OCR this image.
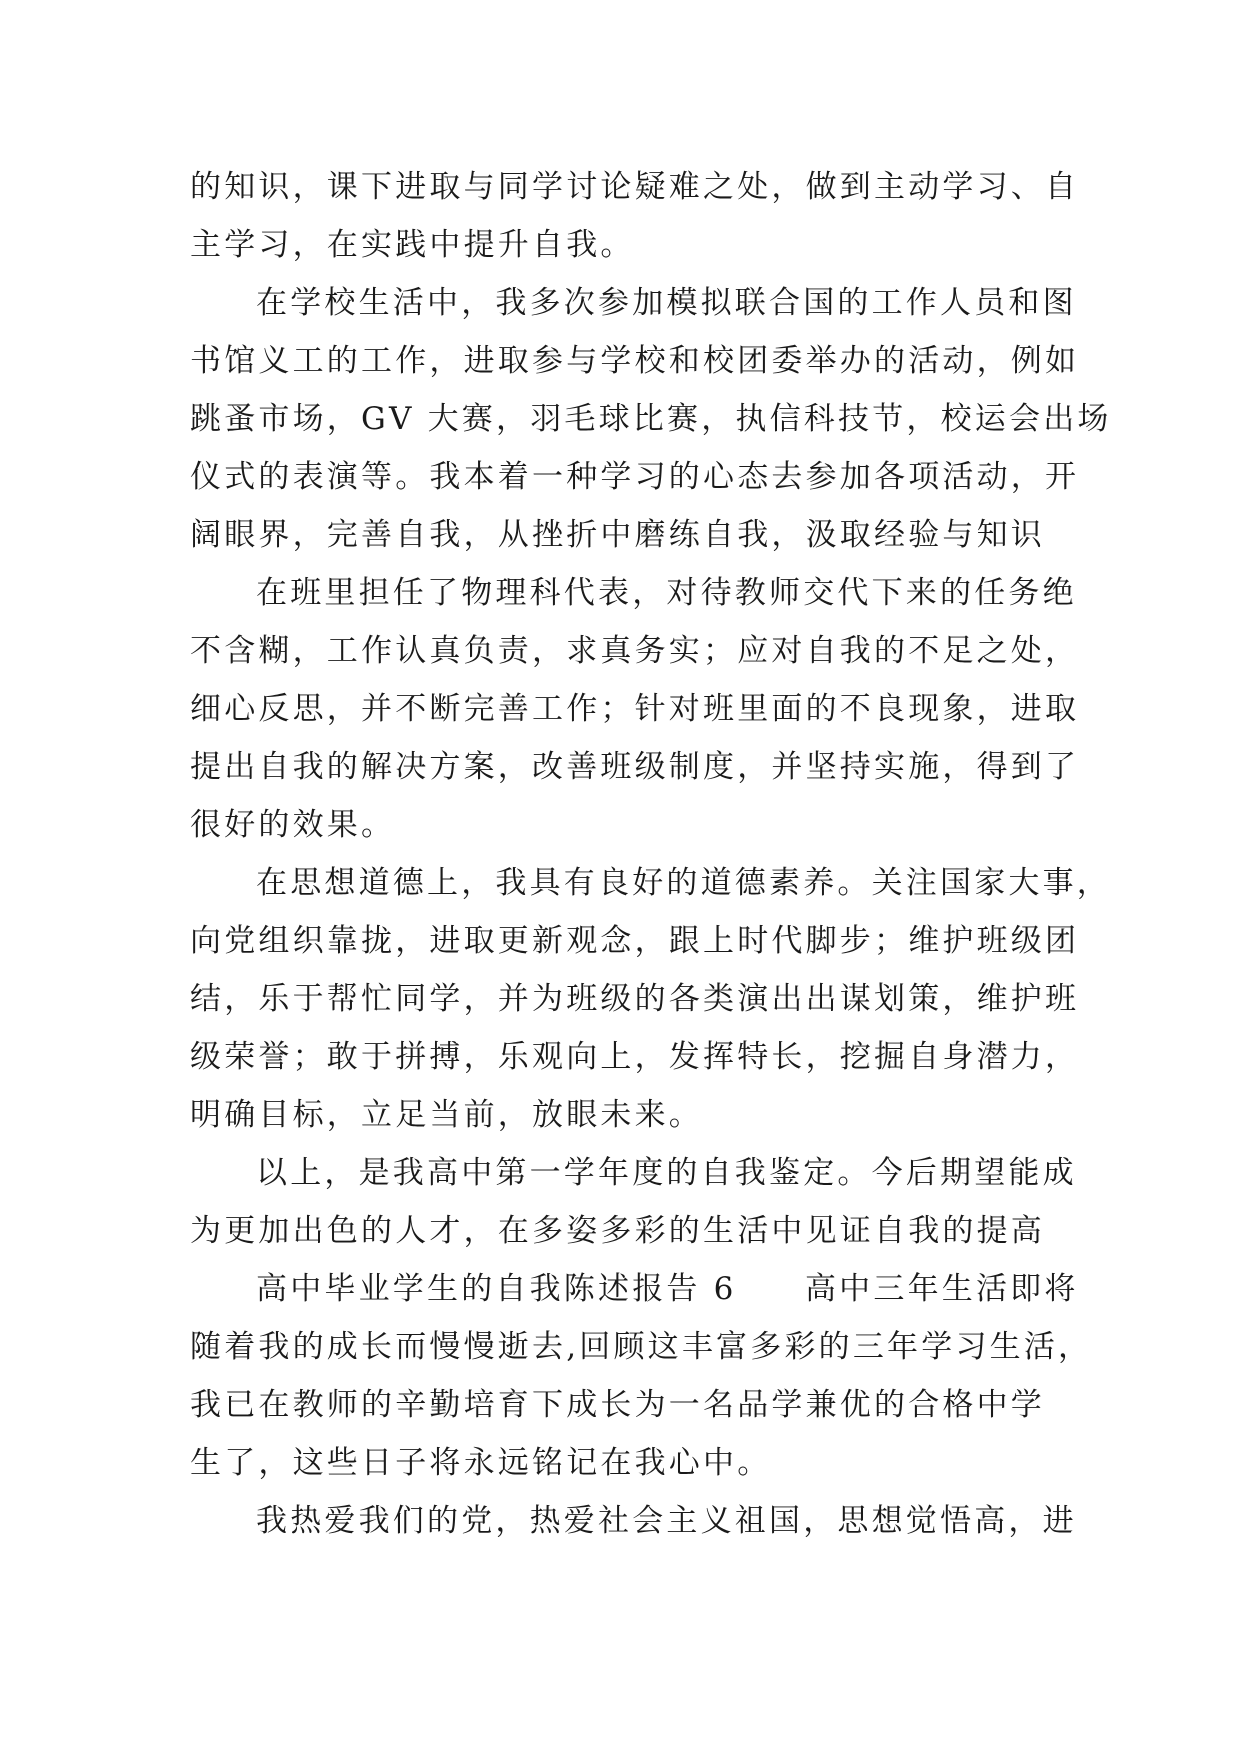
的知识，课下进取与同学讨论疑难之处，做到主动学习、自
主学习，在实践中提升自我。
在学校生活中，我多次参加模拟联合国的工作人员和图
书馆义工的工作，进取参与学校和校团委举办的活动，例如
跳蚤市场，GV 大赛，羽毛球比赛，执信科技节，校运会出场
仪式的表演等。我本着一种学习的心态去参加各项活动，开
阔眼界，完善自我，从挫折中磨练自我，汲取经验与知识
在班里担任了物理科代表，对待教师交代下来的任务绝
不含糊，工作认真负责，求真务实；应对自我的不足之处，
细心反思，并不断完善工作；针对班里面的不良现象，进取
提出自我的解决方案，改善班级制度，并坚持实施，得到了
很好的效果。
在思想道德上，我具有良好的道德素养。关注国家大事，
向党组织靠拢，进取更新观念，跟上时代脚步；维护班级团
结，乐于帮忙同学，并为班级的各类演出出谋划策，维护班
级荣誉；敢于拼搏，乐观向上，发挥特长，挖掘自身潜力，
明确目标，立足当前，放眼未来。
以上，是我高中第一学年度的自我鉴定。今后期望能成
为更加出色的人才，在多姿多彩的生活中见证自我的提高
高中毕业学生的自我陈述报告 6　　高中三年生活即将
随着我的成长而慢慢逝去,回顾这丰富多彩的三年学习生活，
我已在教师的辛勤培育下成长为一名品学兼优的合格中学
生了，这些日子将永远铭记在我心中。
我热爱我们的党，热爱社会主义祖国，思想觉悟高，进
